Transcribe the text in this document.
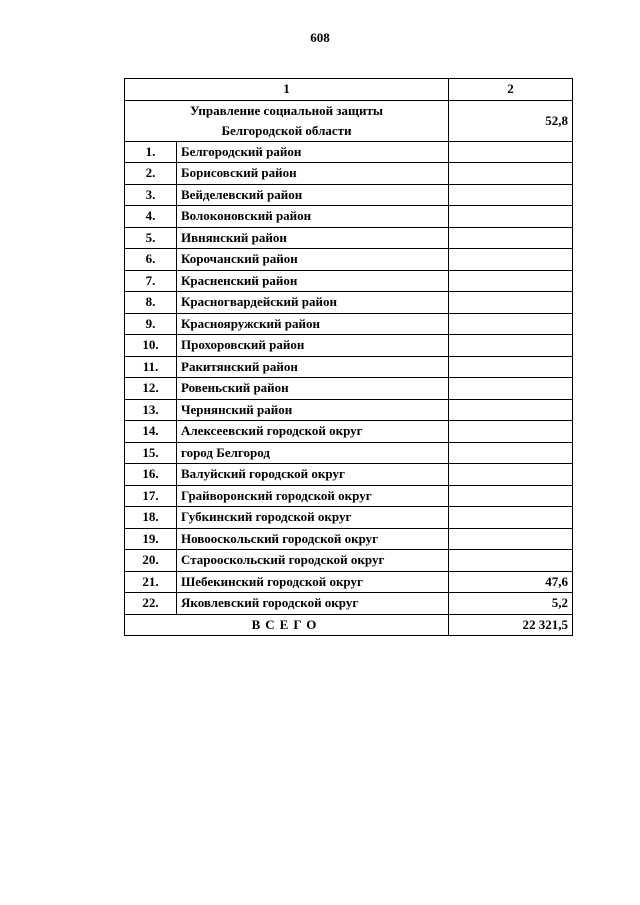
608
1		2
Управление социальной защиты
Белгородской области		52,8
1.	Белгородский район	
2.	Борисовский район	
3.	Вейделевский район	
4.	Волоконовский район	
5.	Ивнянский район	
6.	Корочанский район	
7.	Красненский район	
8.	Красногвардейский район	
9.	Краснояружский район	
10.	Прохоровский район	
11.	Ракитянский район	
12.	Ровеньский район	
13.	Чернянский район	
14.	Алексеевский городской округ	
15.	город Белгород	
16.	Валуйский городской округ	
17.	Грайворонский городской округ	
18.	Губкинский городской округ	
19.	Новооскольский городской округ	
20.	Старооскольский городской округ	
21.	Шебекинский городской округ	47,6
22.	Яковлевский городской округ	5,2
ВСЕГО		22 321,5
